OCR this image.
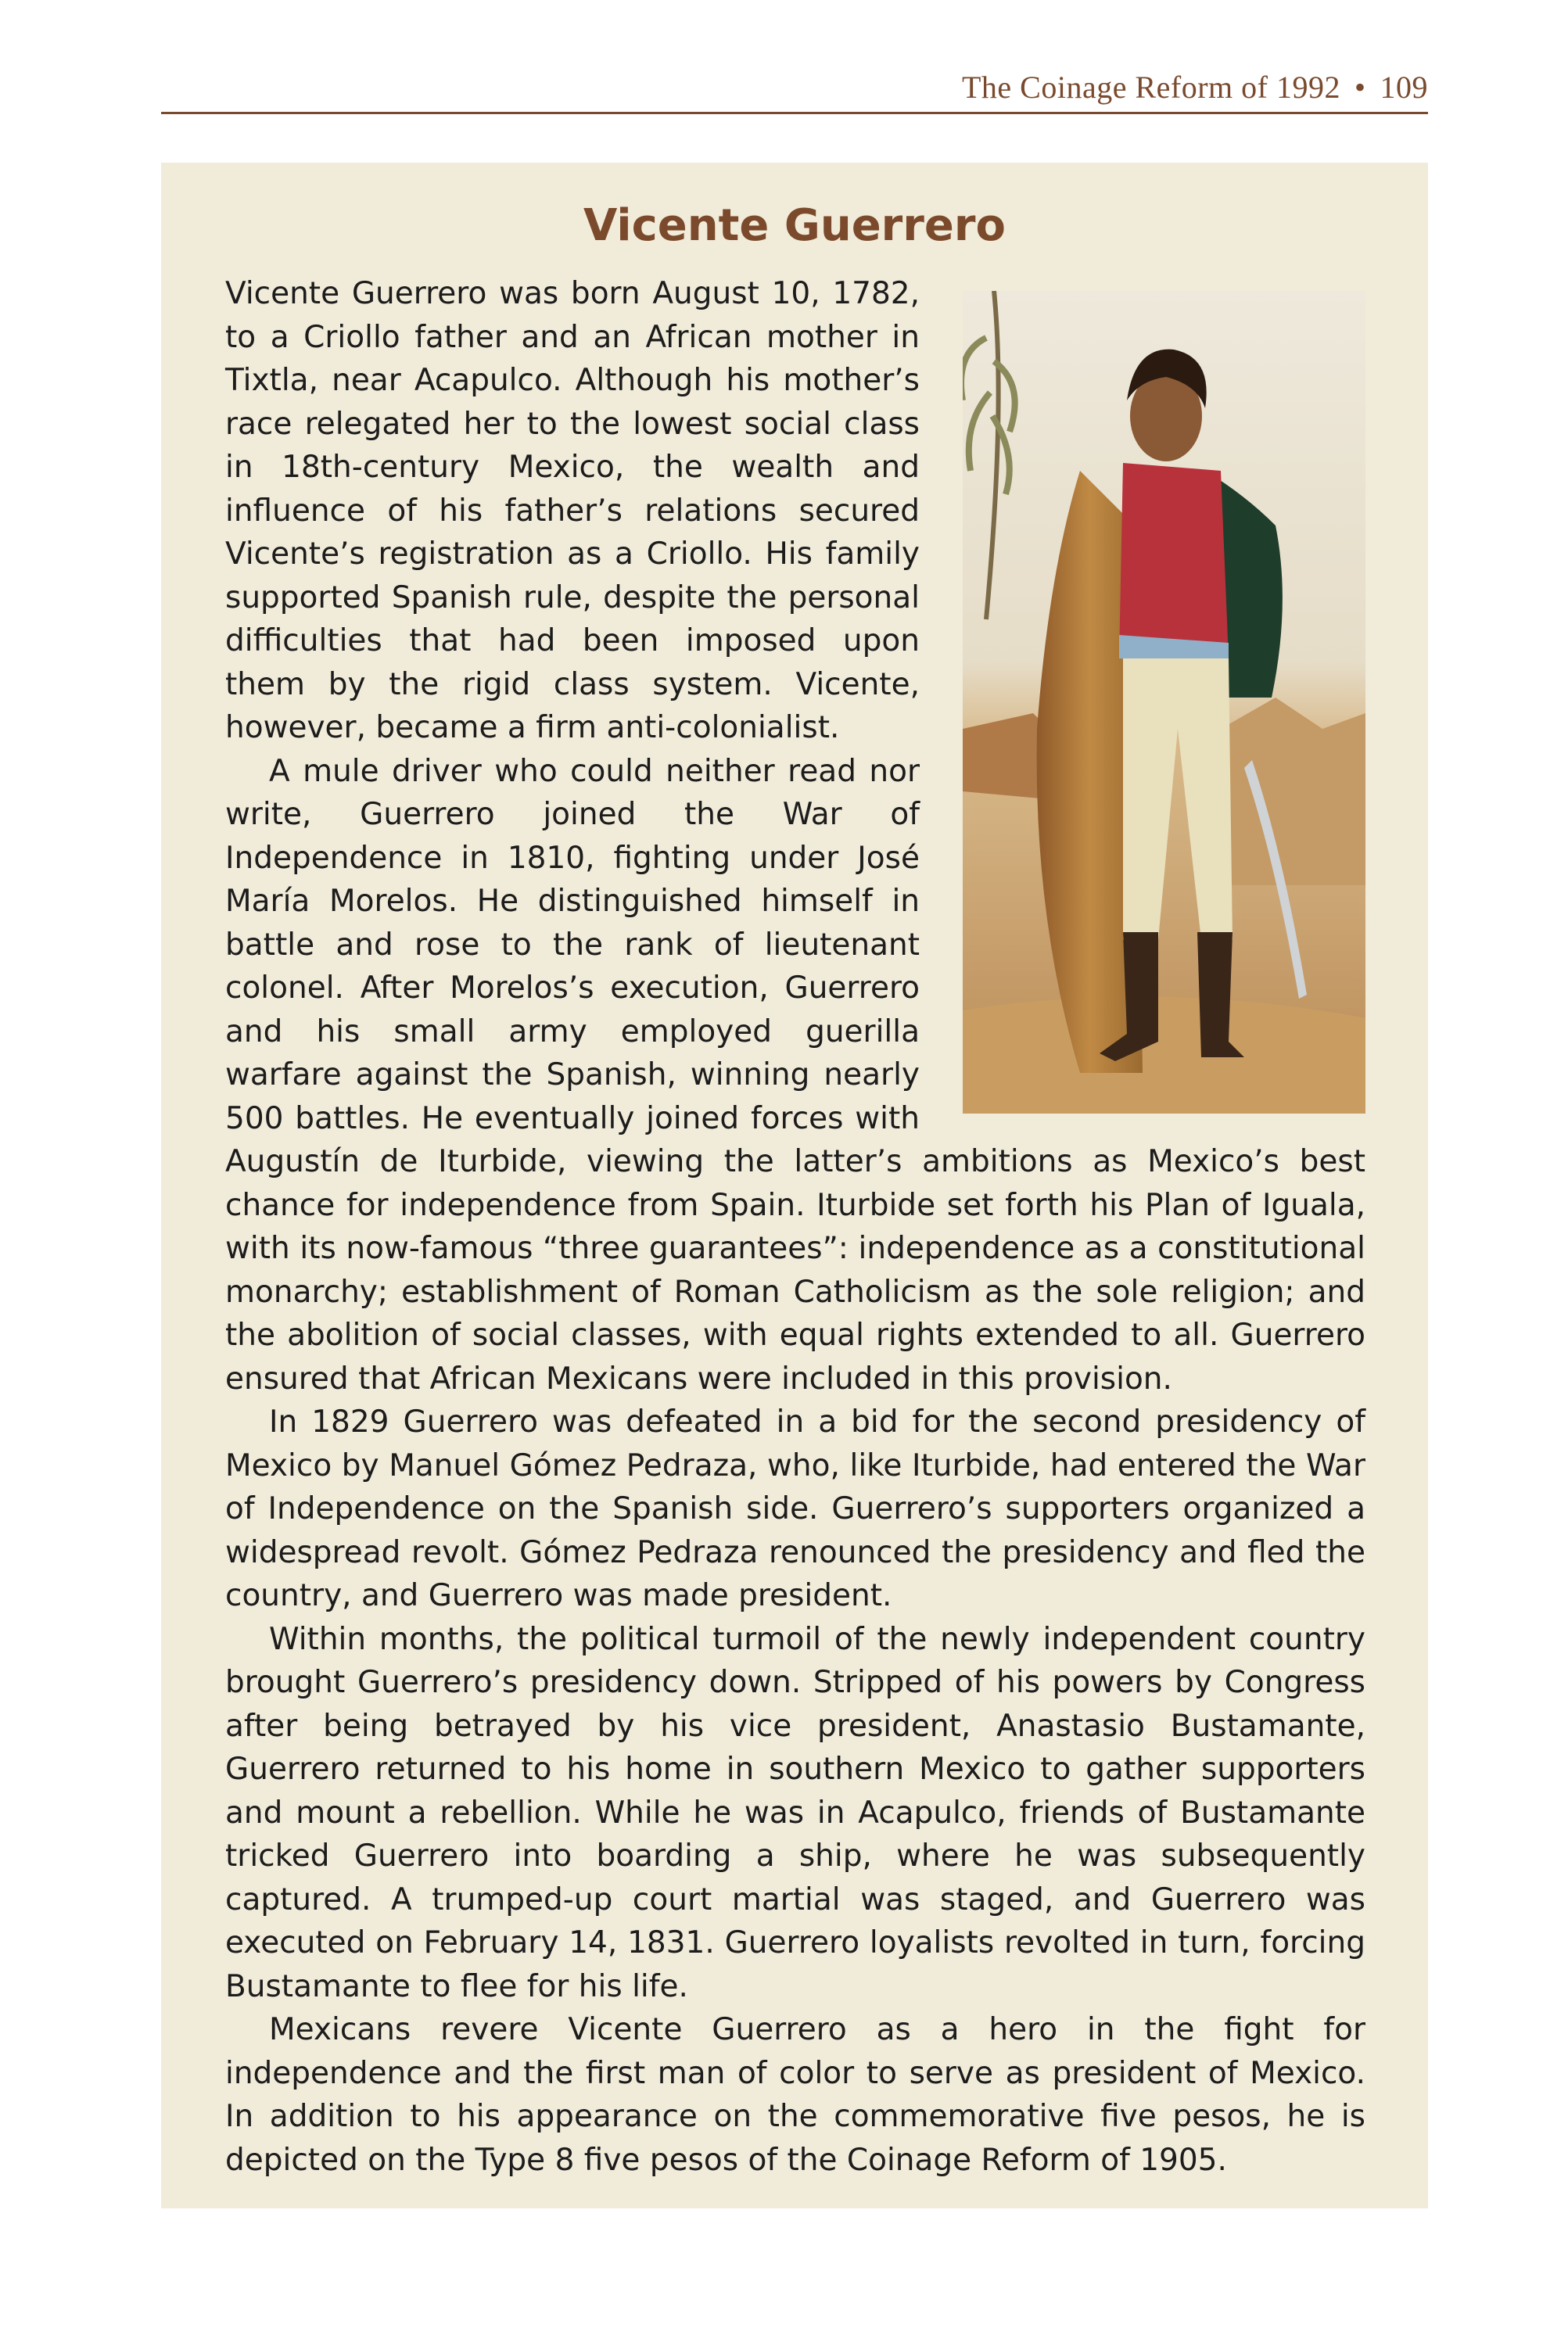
The Coinage Reform of 1992 • 109
Vicente Guerrero

Vicente Guerrero was born August 10, 1782, to a Criollo father and an African mother in Tixtla, near Acapulco. Although his mother’s race relegated her to the lowest social class in 18th-century Mexico, the wealth and influence of his father’s relations secured Vicente’s registration as a Criollo. His family supported Spanish rule, despite the personal difficulties that had been imposed upon them by the rigid class system. Vicente, however, became a firm anti-colonialist.

A mule driver who could neither read nor write, Guerrero joined the War of Independence in 1810, fighting under José María Morelos. He distinguished himself in battle and rose to the rank of lieutenant colonel. After Morelos’s execution, Guerrero and his small army employed guerilla warfare against the Spanish, winning nearly 500 battles. He eventually joined forces with Augustín de Iturbide, viewing the latter’s ambitions as Mexico’s best chance for independence from Spain. Iturbide set forth his Plan of Iguala, with its now-famous “three guarantees”: independence as a constitutional monarchy; establishment of Roman Catholicism as the sole religion; and the abolition of social classes, with equal rights extended to all. Guerrero ensured that African Mexicans were included in this provision.

In 1829 Guerrero was defeated in a bid for the second presidency of Mexico by Manuel Gómez Pedraza, who, like Iturbide, had entered the War of Independence on the Spanish side. Guerrero’s supporters organized a widespread revolt. Gómez Pedraza renounced the presidency and fled the country, and Guerrero was made president.

Within months, the political turmoil of the newly independent country brought Guerrero’s presidency down. Stripped of his powers by Congress after being betrayed by his vice president, Anastasio Bustamante, Guerrero returned to his home in southern Mexico to gather supporters and mount a rebellion. While he was in Acapulco, friends of Bustamante tricked Guerrero into boarding a ship, where he was subsequently captured. A trumped-up court martial was staged, and Guerrero was executed on February 14, 1831. Guerrero loyalists revolted in turn, forcing Bustamante to flee for his life.

Mexicans revere Vicente Guerrero as a hero in the fight for independence and the first man of color to serve as president of Mexico. In addition to his appearance on the commemorative five pesos, he is depicted on the Type 8 five pesos of the Coinage Reform of 1905.
